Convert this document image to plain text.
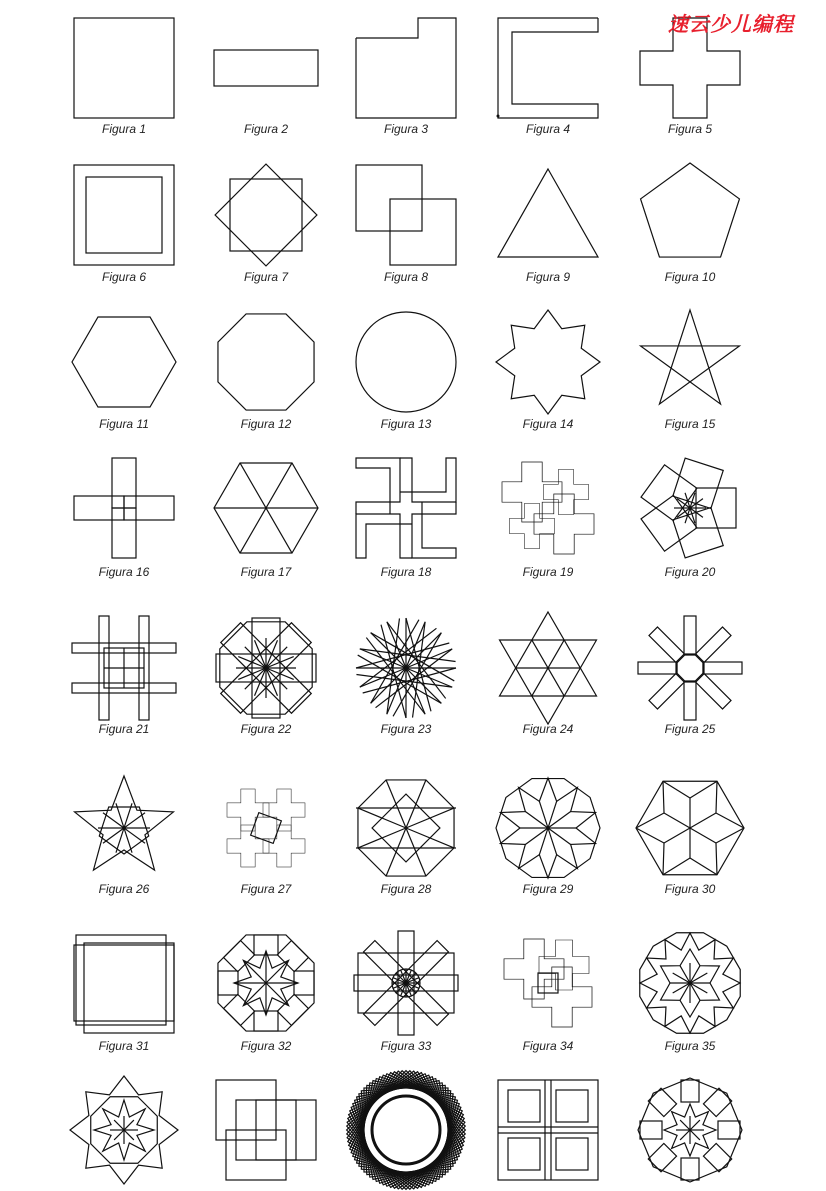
速云少儿编程
Figura 1	Figura 2	Figura 3	Figura 4	Figura 5
Figura 6	Figura 7	Figura 8	Figura 9	Figura 10
Figura 11	Figura 12	Figura 13	Figura 14	Figura 15
Figura 16	Figura 17	Figura 18	Figura 19	Figura 20
Figura 21	Figura 22	Figura 23	Figura 24	Figura 25
Figura 26	Figura 27	Figura 28	Figura 29	Figura 30
Figura 31	Figura 32	Figura 33	Figura 34	Figura 35
